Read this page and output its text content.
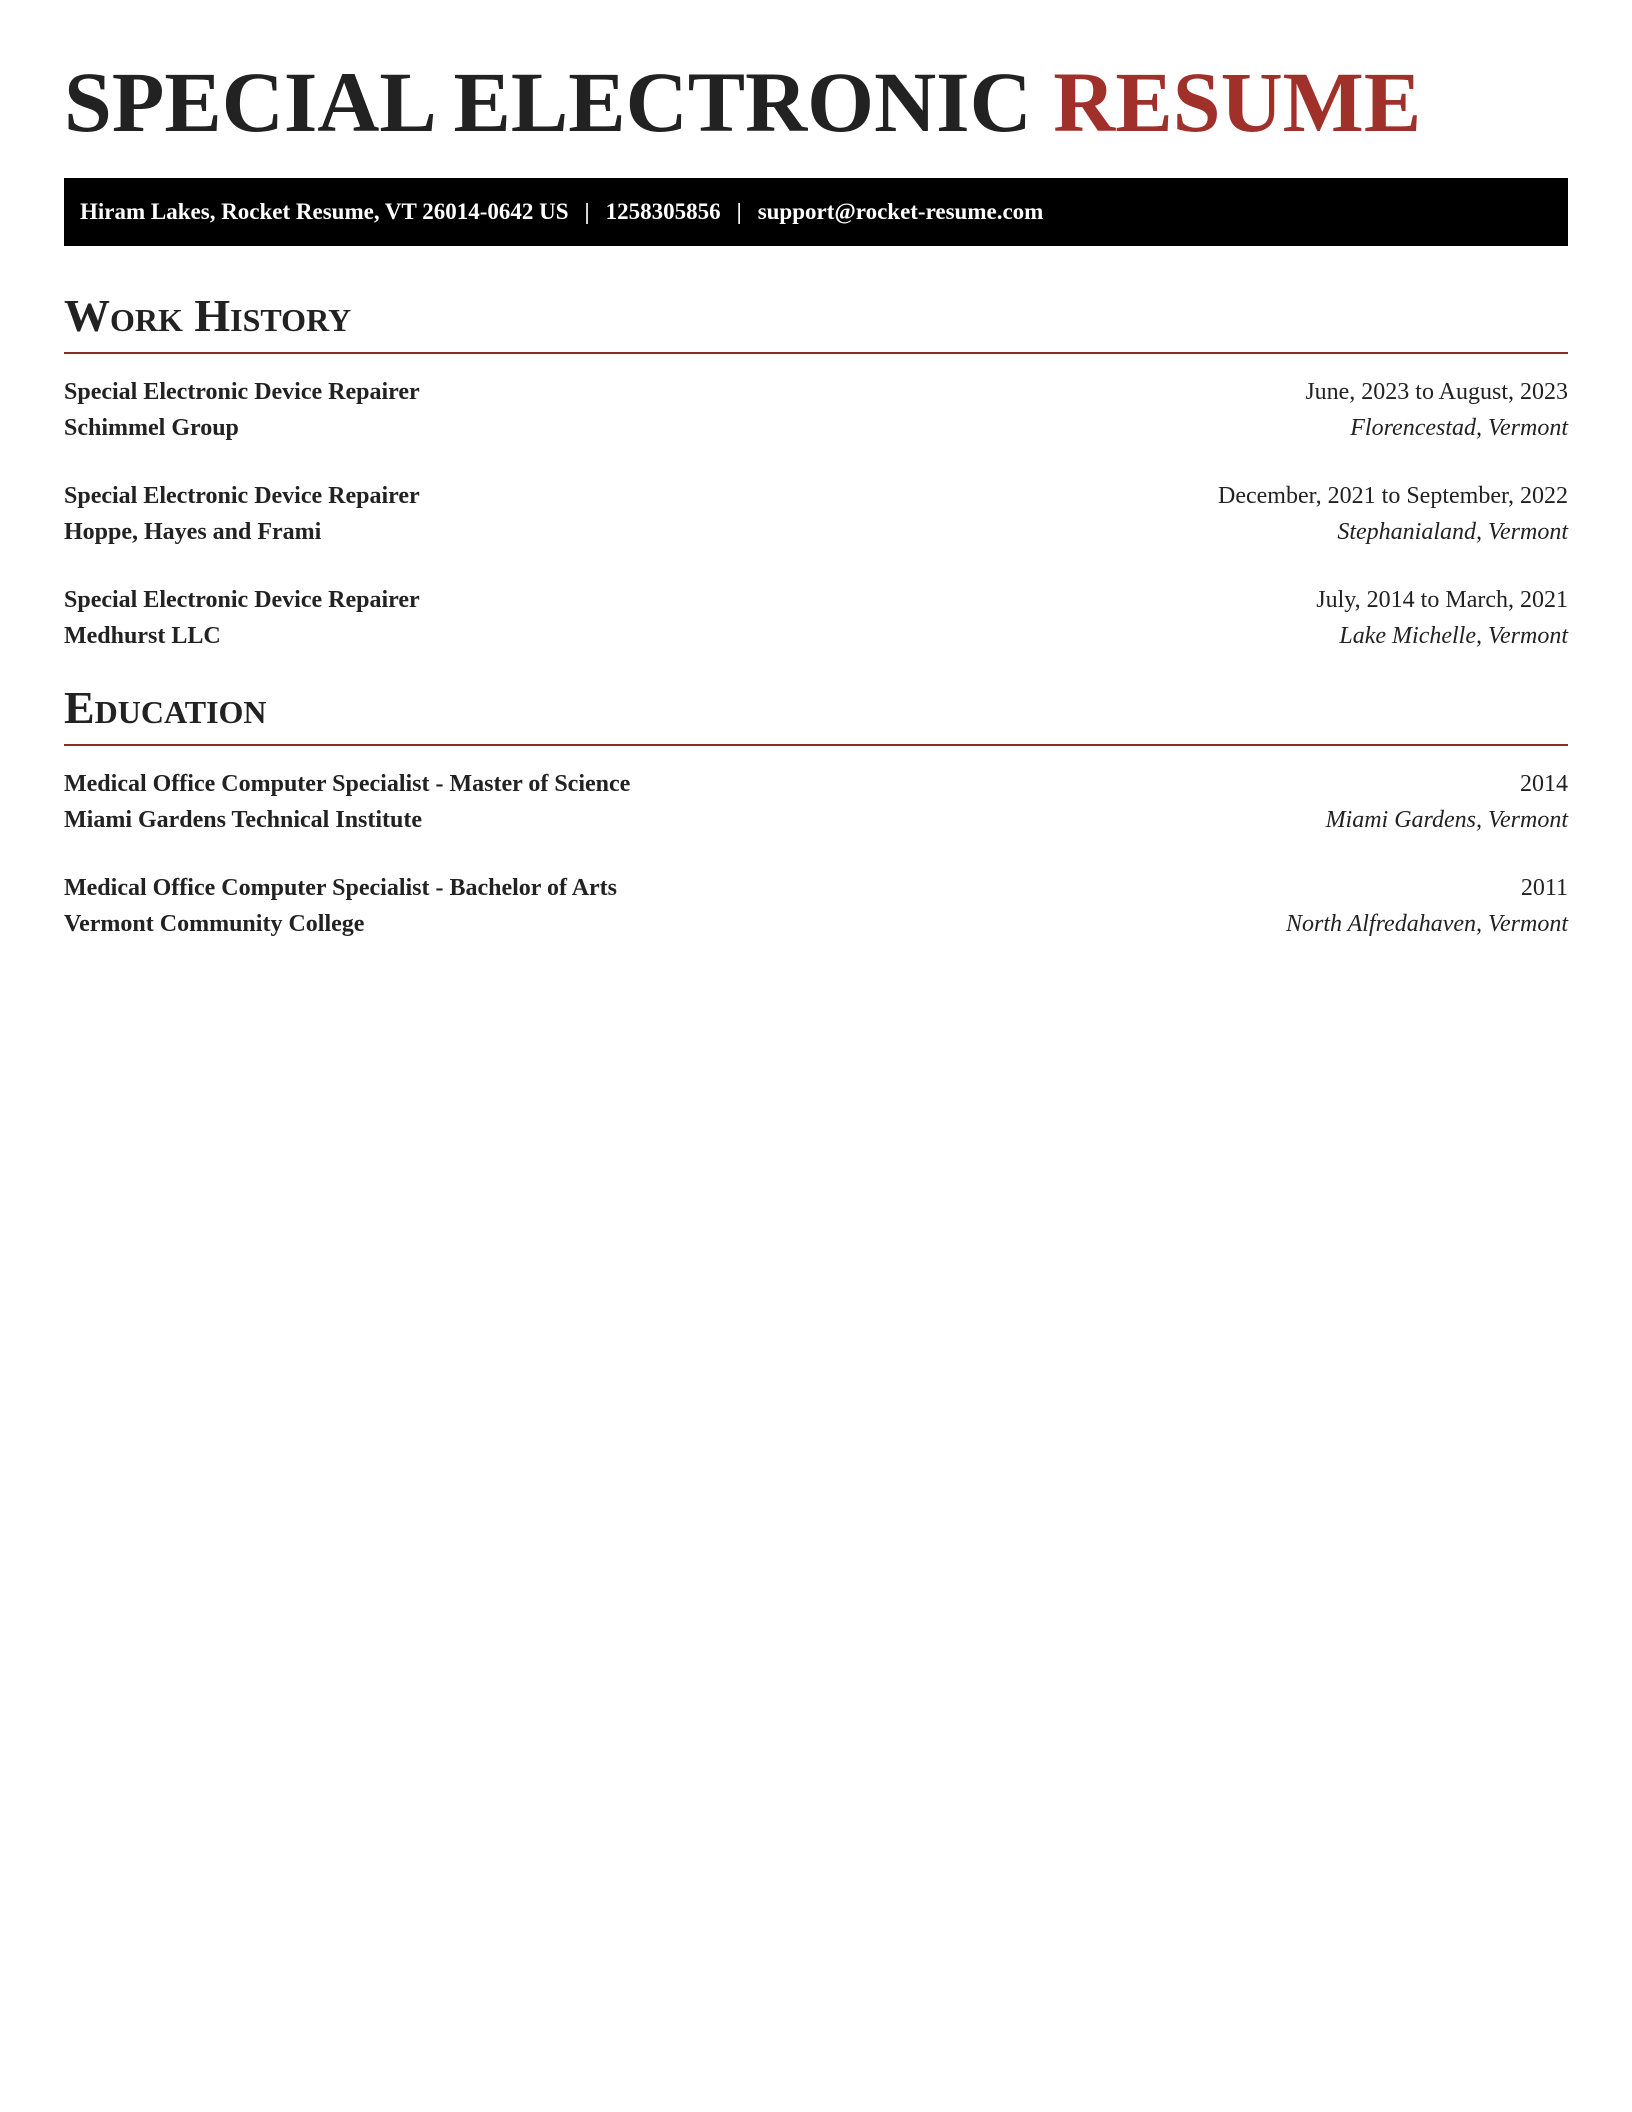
SPECIAL ELECTRONIC RESUME
Hiram Lakes, Rocket Resume, VT 26014-0642 US | 1258305856 | support@rocket-resume.com
Work History
Special Electronic Device Repairer	June, 2023 to August, 2023
Schimmel Group	Florencestad, Vermont
Special Electronic Device Repairer	December, 2021 to September, 2022
Hoppe, Hayes and Frami	Stephanialand, Vermont
Special Electronic Device Repairer	July, 2014 to March, 2021
Medhurst LLC	Lake Michelle, Vermont
Education
Medical Office Computer Specialist - Master of Science	2014
Miami Gardens Technical Institute	Miami Gardens, Vermont
Medical Office Computer Specialist - Bachelor of Arts	2011
Vermont Community College	North Alfredahaven, Vermont
